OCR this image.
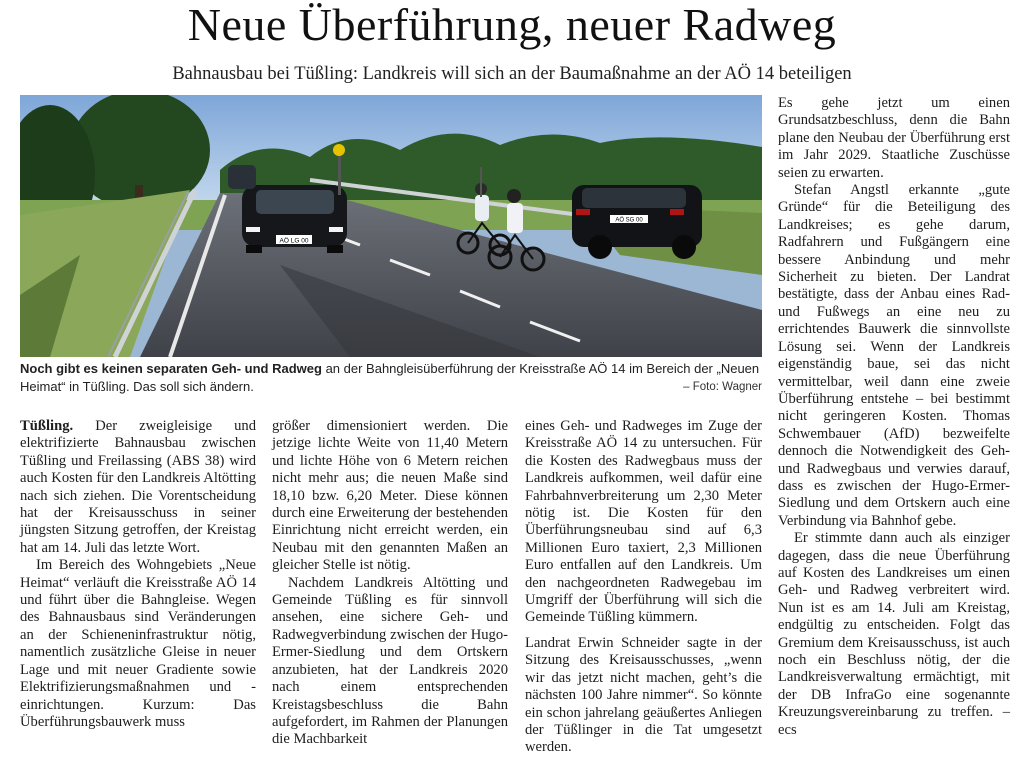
Neue Überführung, neuer Radweg
Bahnausbau bei Tüßling: Landkreis will sich an der Baumaßnahme an der AÖ 14 beteiligen
AÖ LG 00
AÖ SG 00
Noch gibt es keinen separaten Geh- und Radweg an der Bahngleisüberführung der Kreisstraße AÖ 14 im Bereich der „Neuen Heimat“ in Tüßling. Das soll sich ändern.	– Foto: Wagner

Tüßling. Der zweigleisige und elektrifizierte Bahnausbau zwischen Tüßling und Freilassing (ABS 38) wird auch Kosten für den Landkreis Altötting nach sich ziehen. Die Vorentscheidung hat der Kreisausschuss in seiner jüngsten Sitzung getroffen, der Kreistag hat am 14. Juli das letzte Wort.

Im Bereich des Wohngebiets „Neue Heimat“ verläuft die Kreisstraße AÖ 14 und führt über die Bahngleise. Wegen des Bahnausbaus sind Veränderungen an der Schieneninfrastruktur nötig, namentlich zusätzliche Gleise in neuer Lage und mit neuer Gradiente sowie Elektrifizierungsmaßnahmen und -einrichtungen. Kurzum: Das Überführungsbauwerk muss

größer dimensioniert werden. Die jetzige lichte Weite von 11,40 Metern und lichte Höhe von 6 Metern reichen nicht mehr aus; die neuen Maße sind 18,10 bzw. 6,20 Meter. Diese können durch eine Erweiterung der bestehenden Einrichtung nicht erreicht werden, ein Neubau mit den genannten Maßen an gleicher Stelle ist nötig.

Nachdem Landkreis Altötting und Gemeinde Tüßling es für sinnvoll ansehen, eine sichere Geh- und Radwegverbindung zwischen der Hugo-Ermer-Siedlung und dem Ortskern anzubieten, hat der Landkreis 2020 nach einem entsprechenden Kreistagsbeschluss die Bahn aufgefordert, im Rahmen der Planungen die Machbarkeit

eines Geh- und Radweges im Zuge der Kreisstraße AÖ 14 zu untersuchen. Für die Kosten des Radwegbaus muss der Landkreis aufkommen, weil dafür eine Fahrbahnverbreiterung um 2,30 Meter nötig ist. Die Kosten für den Überführungsneubau sind auf 6,3 Millionen Euro taxiert, 2,3 Millionen Euro entfallen auf den Landkreis. Um den nachgeordneten Radwegebau im Umgriff der Überführung will sich die Gemeinde Tüßling kümmern.

Landrat Erwin Schneider sagte in der Sitzung des Kreisausschusses, „wenn wir das jetzt nicht machen, geht’s die nächsten 100 Jahre nimmer“. So könnte ein schon jahrelang geäußertes Anliegen der Tüßlinger in die Tat umgesetzt werden.

Es gehe jetzt um einen Grundsatzbeschluss, denn die Bahn plane den Neubau der Überführung erst im Jahr 2029. Staatliche Zuschüsse seien zu erwarten.

Stefan Angstl erkannte „gute Gründe“ für die Beteiligung des Landkreises; es gehe darum, Radfahrern und Fußgängern eine bessere Anbindung und mehr Sicherheit zu bieten. Der Landrat bestätigte, dass der Anbau eines Rad- und Fußwegs an eine neu zu errichtendes Bauwerk die sinnvollste Lösung sei. Wenn der Landkreis eigenständig baue, sei das nicht vermittelbar, weil dann eine zweie Überführung entstehe – bei bestimmt nicht geringeren Kosten. Thomas Schwembauer (AfD) bezweifelte dennoch die Notwendigkeit des Geh- und Radwegbaus und verwies darauf, dass es zwischen der Hugo-Ermer-Siedlung und dem Ortskern auch eine Verbindung via Bahnhof gebe.

Er stimmte dann auch als einziger dagegen, dass die neue Überführung auf Kosten des Landkreises um einen Geh- und Radweg verbreitert wird. Nun ist es am 14. Juli am Kreistag, endgültig zu entscheiden. Folgt das Gremium dem Kreisausschuss, ist auch noch ein Beschluss nötig, der die Landkreisverwaltung ermächtigt, mit der DB InfraGo eine sogenannte Kreuzungsvereinbarung zu treffen. – ecs
